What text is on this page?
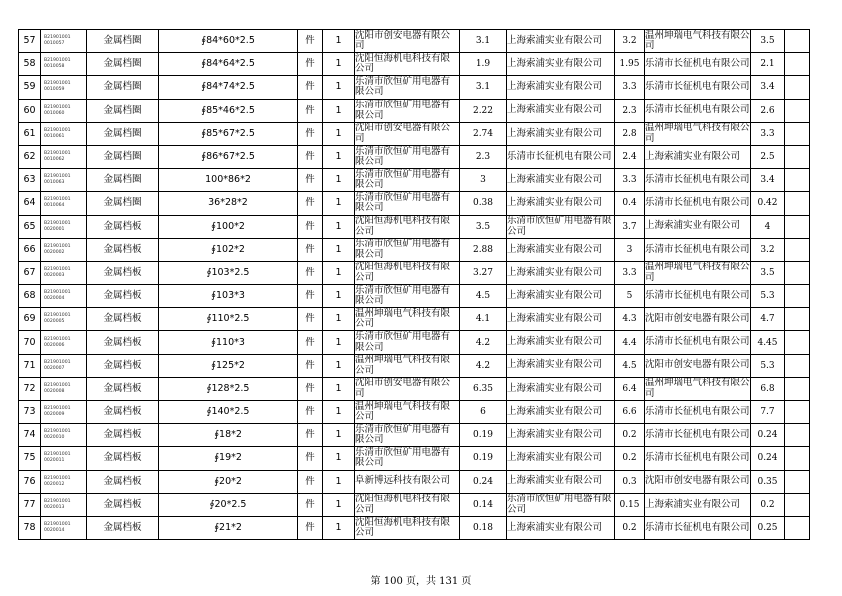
57	B21901001 0010057	金属档圈	∮84*60*2.5	件	1	沈阳市创安电器有限公司	3.1	上海索浦实业有限公司	3.2	温州坤瑞电气科技有限公司	3.5	
58	B21901001 0010058	金属档圈	∮84*64*2.5	件	1	沈阳恒海机电科技有限公司	1.9	上海索浦实业有限公司	1.95	乐清市长征机电有限公司	2.1	
59	B21901001 0010059	金属档圈	∮84*74*2.5	件	1	乐清市欣恒矿用电器有限公司	3.1	上海索浦实业有限公司	3.3	乐清市长征机电有限公司	3.4	
60	B21901001 0010060	金属档圈	∮85*46*2.5	件	1	乐清市欣恒矿用电器有限公司	2.22	上海索浦实业有限公司	2.3	乐清市长征机电有限公司	2.6	
61	B21901001 0010061	金属档圈	∮85*67*2.5	件	1	沈阳市创安电器有限公司	2.74	上海索浦实业有限公司	2.8	温州坤瑞电气科技有限公司	3.3	
62	B21901001 0010062	金属档圈	∮86*67*2.5	件	1	乐清市欣恒矿用电器有限公司	2.3	乐清市长征机电有限公司	2.4	上海索浦实业有限公司	2.5	
63	B21901001 0010063	金属档圈	100*86*2	件	1	乐清市欣恒矿用电器有限公司	3	上海索浦实业有限公司	3.3	乐清市长征机电有限公司	3.4	
64	B21901001 0010064	金属档圈	36*28*2	件	1	乐清市欣恒矿用电器有限公司	0.38	上海索浦实业有限公司	0.4	乐清市长征机电有限公司	0.42	
65	B21901001 0020001	金属档板	∮100*2	件	1	沈阳恒海机电科技有限公司	3.5	乐清市欣恒矿用电器有限公司	3.7	上海索浦实业有限公司	4	
66	B21901001 0020002	金属档板	∮102*2	件	1	乐清市欣恒矿用电器有限公司	2.88	上海索浦实业有限公司	3	乐清市长征机电有限公司	3.2	
67	B21901001 0020003	金属档板	∮103*2.5	件	1	沈阳恒海机电科技有限公司	3.27	上海索浦实业有限公司	3.3	温州坤瑞电气科技有限公司	3.5	
68	B21901001 0020004	金属档板	∮103*3	件	1	乐清市欣恒矿用电器有限公司	4.5	上海索浦实业有限公司	5	乐清市长征机电有限公司	5.3	
69	B21901001 0020005	金属档板	∮110*2.5	件	1	温州坤瑞电气科技有限公司	4.1	上海索浦实业有限公司	4.3	沈阳市创安电器有限公司	4.7	
70	B21901001 0020006	金属档板	∮110*3	件	1	乐清市欣恒矿用电器有限公司	4.2	上海索浦实业有限公司	4.4	乐清市长征机电有限公司	4.45	
71	B21901001 0020007	金属档板	∮125*2	件	1	温州坤瑞电气科技有限公司	4.2	上海索浦实业有限公司	4.5	沈阳市创安电器有限公司	5.3	
72	B21901001 0020008	金属档板	∮128*2.5	件	1	沈阳市创安电器有限公司	6.35	上海索浦实业有限公司	6.4	温州坤瑞电气科技有限公司	6.8	
73	B21901001 0020009	金属档板	∮140*2.5	件	1	温州坤瑞电气科技有限公司	6	上海索浦实业有限公司	6.6	乐清市长征机电有限公司	7.7	
74	B21901001 0020010	金属档板	∮18*2	件	1	乐清市欣恒矿用电器有限公司	0.19	上海索浦实业有限公司	0.2	乐清市长征机电有限公司	0.24	
75	B21901001 0020011	金属档板	∮19*2	件	1	乐清市欣恒矿用电器有限公司	0.19	上海索浦实业有限公司	0.2	乐清市长征机电有限公司	0.24	
76	B21901001 0020012	金属档板	∮20*2	件	1	阜新博远科技有限公司	0.24	上海索浦实业有限公司	0.3	沈阳市创安电器有限公司	0.35	
77	B21901001 0020013	金属档板	∮20*2.5	件	1	沈阳恒海机电科技有限公司	0.14	乐清市欣恒矿用电器有限公司	0.15	上海索浦实业有限公司	0.2	
78	B21901001 0020014	金属档板	∮21*2	件	1	沈阳恒海机电科技有限公司	0.18	上海索浦实业有限公司	0.2	乐清市长征机电有限公司	0.25	
第 100 页，共 131 页
